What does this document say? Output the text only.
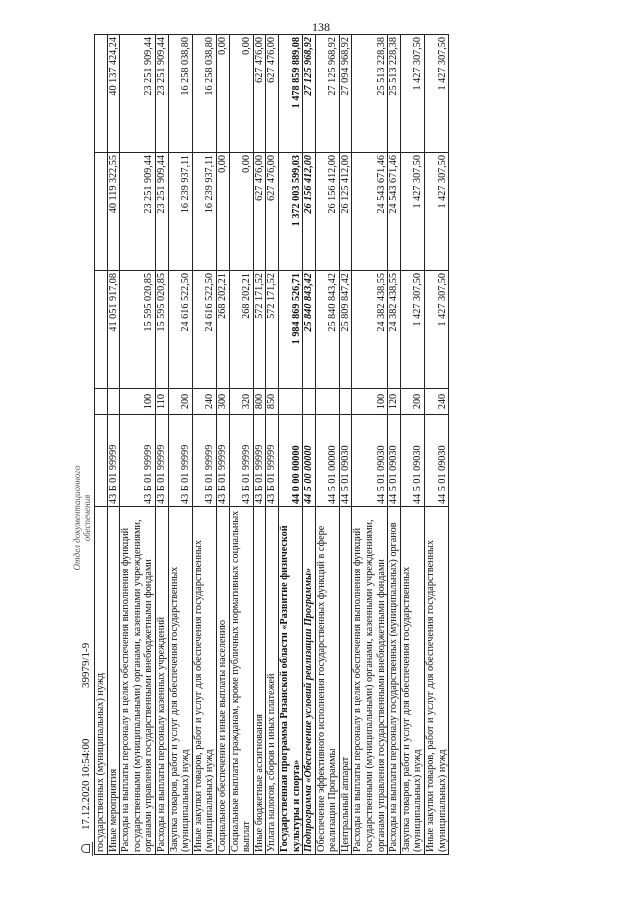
138
17.12.2020 10:54:00
39979/1-9
Отдел документационного обеспечения
государственных (муниципальных) нужд					
Иные мероприятия	43 Б 01 99999		41 051 917,08	40 119 322,55	40 137 424,24
Расходы на выплаты персоналу в целях обеспечения выполнения функций государственными (муниципальными) органами, казенными учреждениями, органами управления государственными внебюджетными фондами	43 Б 01 99999	100	15 595 020,85	23 251 909,44	23 251 909,44
Расходы на выплаты персоналу казенных учреждений	43 Б 01 99999	110	15 595 020,85	23 251 909,44	23 251 909,44
Закупка товаров, работ и услуг для обеспечения государственных (муниципальных) нужд	43 Б 01 99999	200	24 616 522,50	16 239 937,11	16 258 038,80
Иные закупки товаров, работ и услуг для обеспечения государственных (муниципальных) нужд	43 Б 01 99999	240	24 616 522,50	16 239 937,11	16 258 038,80
Социальное обеспечение и иные выплаты населению	43 Б 01 99999	300	268 202,21	0,00	0,00
Социальные выплаты гражданам, кроме публичных нормативных социальных выплат	43 Б 01 99999	320	268 202,21	0,00	0,00
Иные бюджетные ассигнования	43 Б 01 99999	800	572 171,52	627 476,00	627 476,00
Уплата налогов, сборов и иных платежей	43 Б 01 99999	850	572 171,52	627 476,00	627 476,00
Государственная программа Рязанской области «Развитие физической культуры и спорта»	44 0 00 00000		1 984 869 526,71	1 372 003 599,03	1 478 859 889,08
Подпрограмма «Обеспечение условий реализации Программы»	44 5 00 00000		25 840 843,42	26 156 412,00	27 125 968,92
Обеспечение эффективного исполнения государственных функций в сфере реализации Программы	44 5 01 00000		25 840 843,42	26 156 412,00	27 125 968,92
Центральный аппарат	44 5 01 09030		25 809 847,42	26 125 412,00	27 094 968,92
Расходы на выплаты персоналу в целях обеспечения выполнения функций государственными (муниципальными) органами, казенными учреждениями, органами управления государственными внебюджетными фондами	44 5 01 09030	100	24 382 438,55	24 543 671,46	25 513 228,38
Расходы на выплаты персоналу государственных (муниципальных) органов	44 5 01 09030	120	24 382 438,55	24 543 671,46	25 513 228,38
Закупка товаров, работ и услуг для обеспечения государственных (муниципальных) нужд	44 5 01 09030	200	1 427 307,50	1 427 307,50	1 427 307,50
Иные закупки товаров, работ и услуг для обеспечения государственных (муниципальных) нужд	44 5 01 09030	240	1 427 307,50	1 427 307,50	1 427 307,50
